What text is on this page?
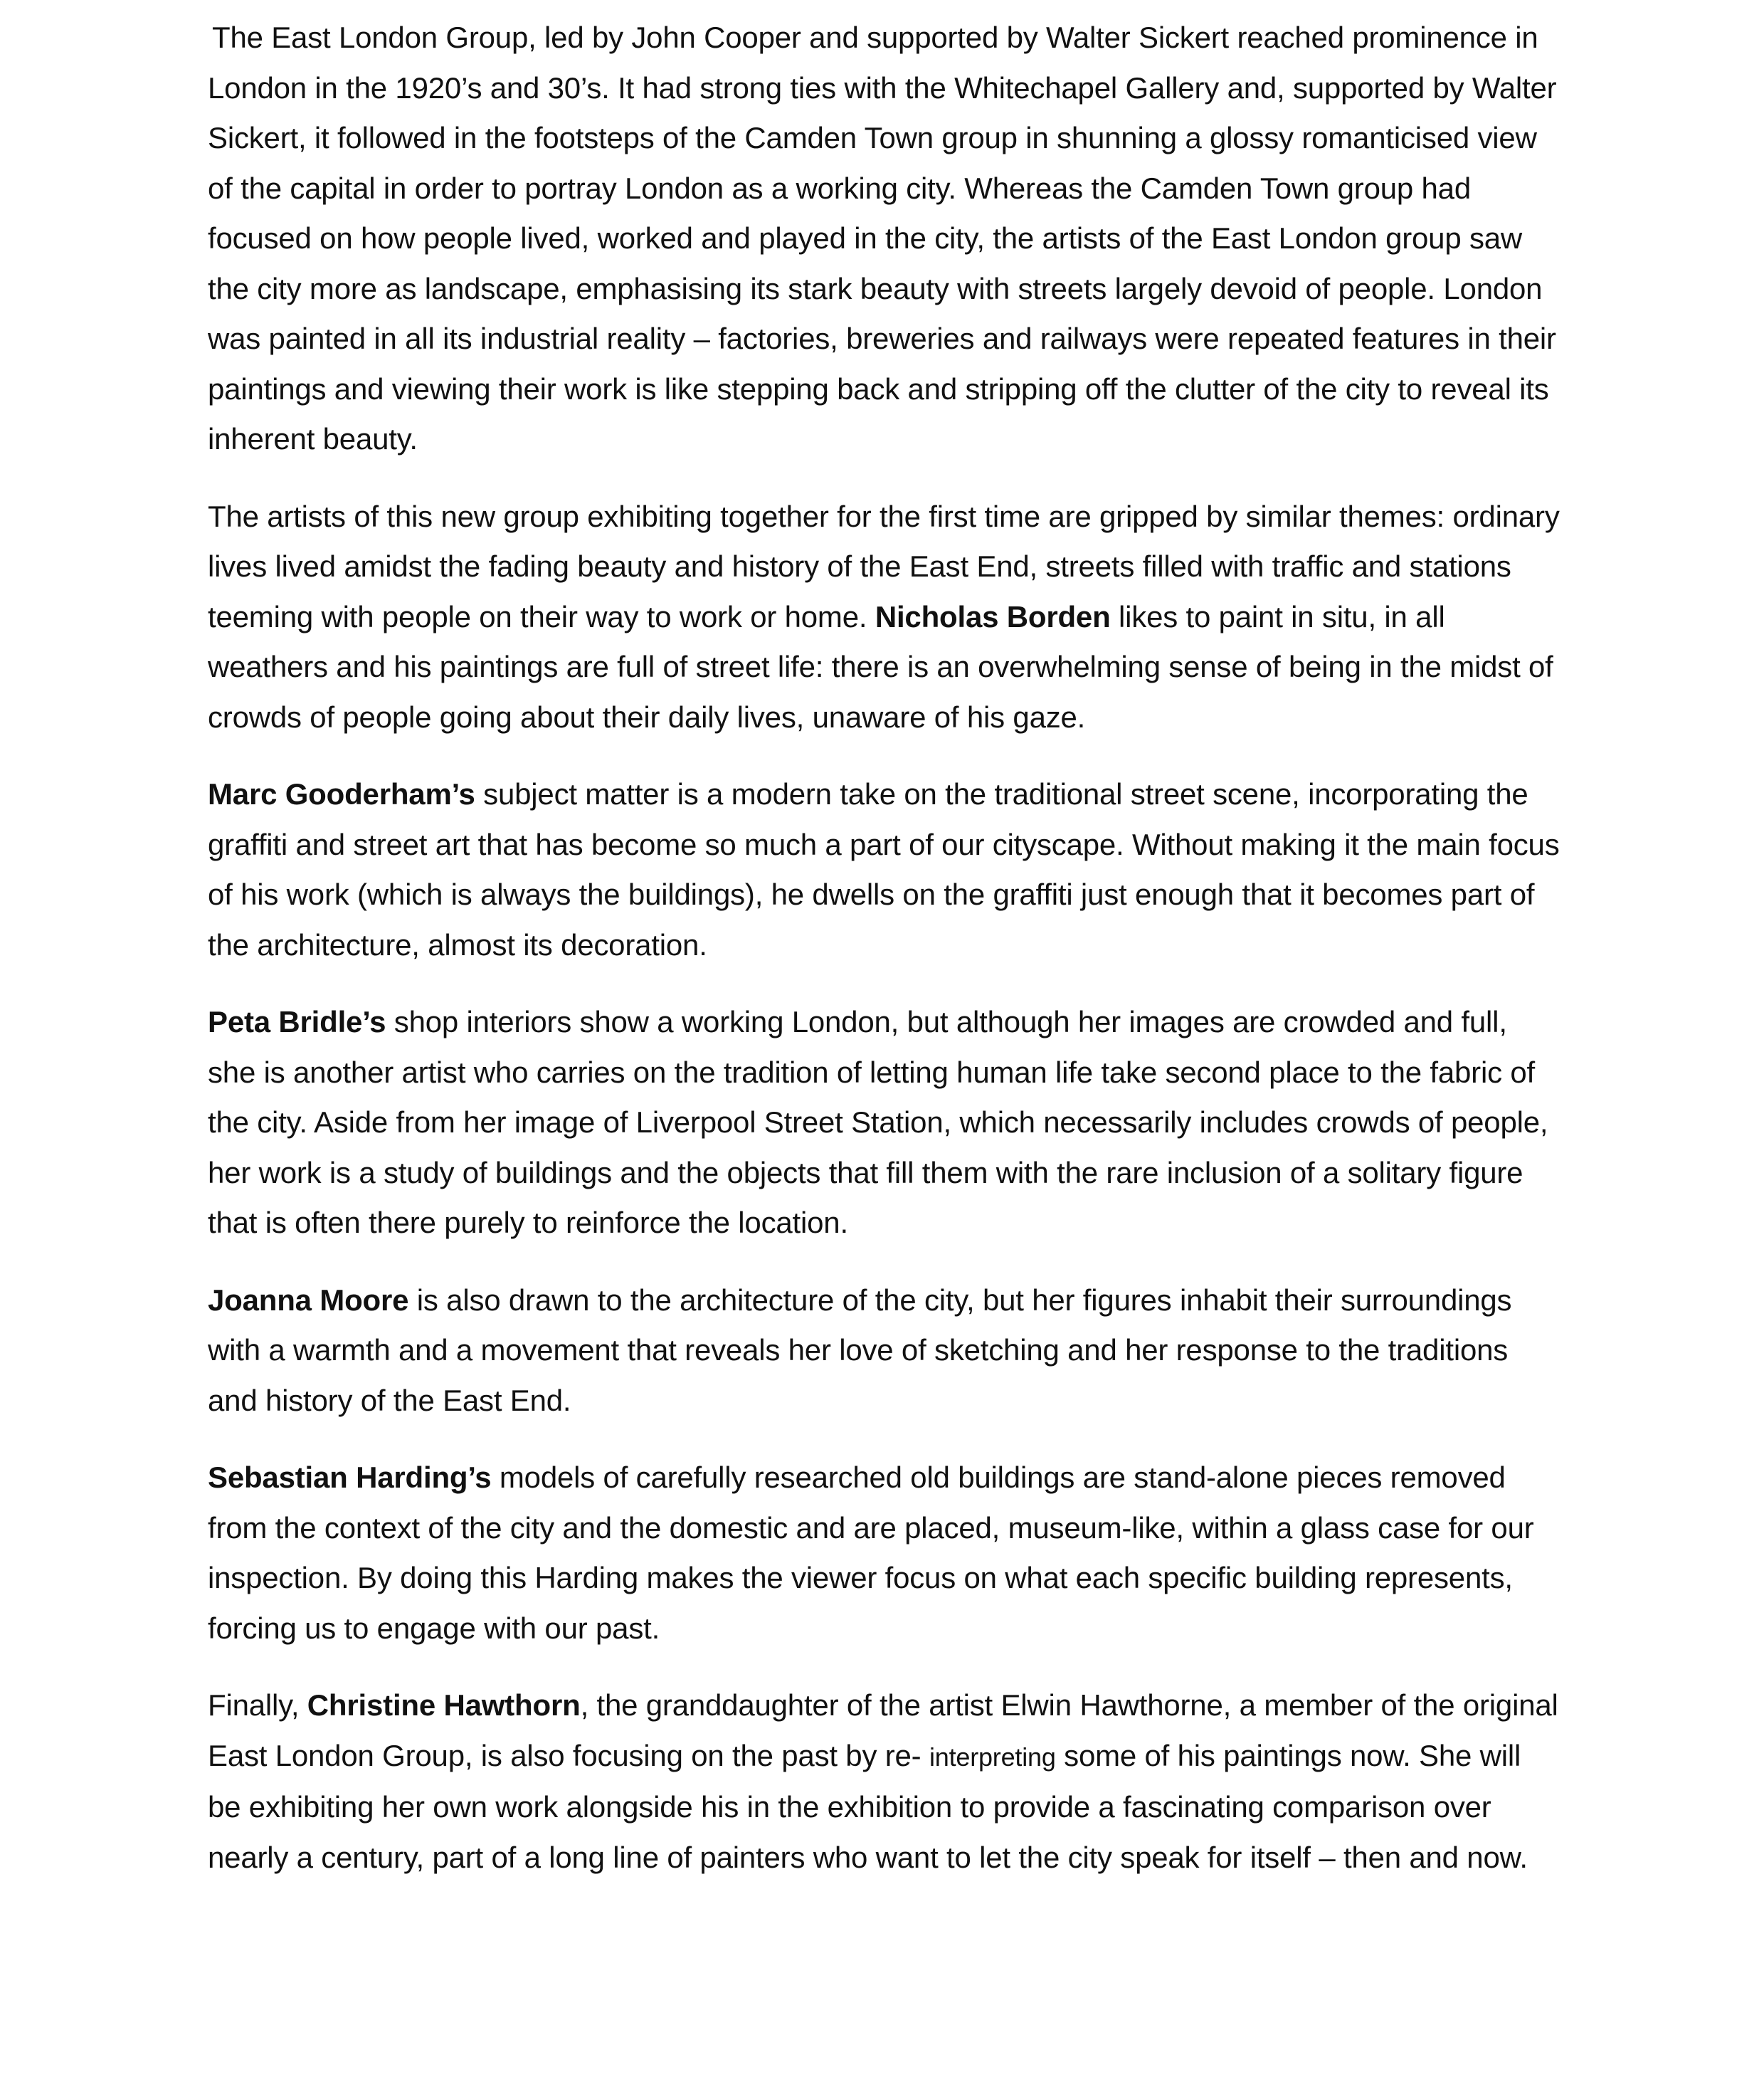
The East London Group, led by John Cooper and supported by Walter Sickert reached prominence in London in the 1920’s and 30’s. It had strong ties with the Whitechapel Gallery and, supported by Walter Sickert, it followed in the footsteps of the Camden Town group in shunning a glossy romanticised view of the capital in order to portray London as a working city. Whereas the Camden Town group had focused on how people lived, worked and played in the city, the artists of the East London group saw the city more as landscape, emphasising its stark beauty with streets largely devoid of people. London was painted in all its industrial reality – factories, breweries and railways were repeated features in their paintings and viewing their work is like stepping back and stripping off the clutter of the city to reveal its inherent beauty.

The artists of this new group exhibiting together for the first time are gripped by similar themes: ordinary lives lived amidst the fading beauty and history of the East End, streets filled with traffic and stations teeming with people on their way to work or home. Nicholas Borden likes to paint in situ, in all weathers and his paintings are full of street life: there is an overwhelming sense of being in the midst of crowds of people going about their daily lives, unaware of his gaze.

Marc Gooderham’s subject matter is a modern take on the traditional street scene, incorporating the graffiti and street art that has become so much a part of our cityscape. Without making it the main focus of his work (which is always the buildings), he dwells on the graffiti just enough that it becomes part of the architecture, almost its decoration.

Peta Bridle’s shop interiors show a working London, but although her images are crowded and full, she is another artist who carries on the tradition of letting human life take second place to the fabric of the city. Aside from her image of Liverpool Street Station, which necessarily includes crowds of people, her work is a study of buildings and the objects that fill them with the rare inclusion of a solitary figure that is often there purely to reinforce the location.

Joanna Moore is also drawn to the architecture of the city, but her figures inhabit their surroundings with a warmth and a movement that reveals her love of sketching and her response to the traditions and history of the East End.

Sebastian Harding’s models of carefully researched old buildings are stand-alone pieces removed from the context of the city and the domestic and are placed, museum-like, within a glass case for our inspection. By doing this Harding makes the viewer focus on what each specific building represents, forcing us to engage with our past.

Finally, Christine Hawthorn, the granddaughter of the artist Elwin Hawthorne, a member of the original East London Group, is also focusing on the past by re- interpreting some of his paintings now. She will be exhibiting her own work alongside his in the exhibition to provide a fascinating comparison over nearly a century, part of a long line of painters who want to let the city speak for itself – then and now.
